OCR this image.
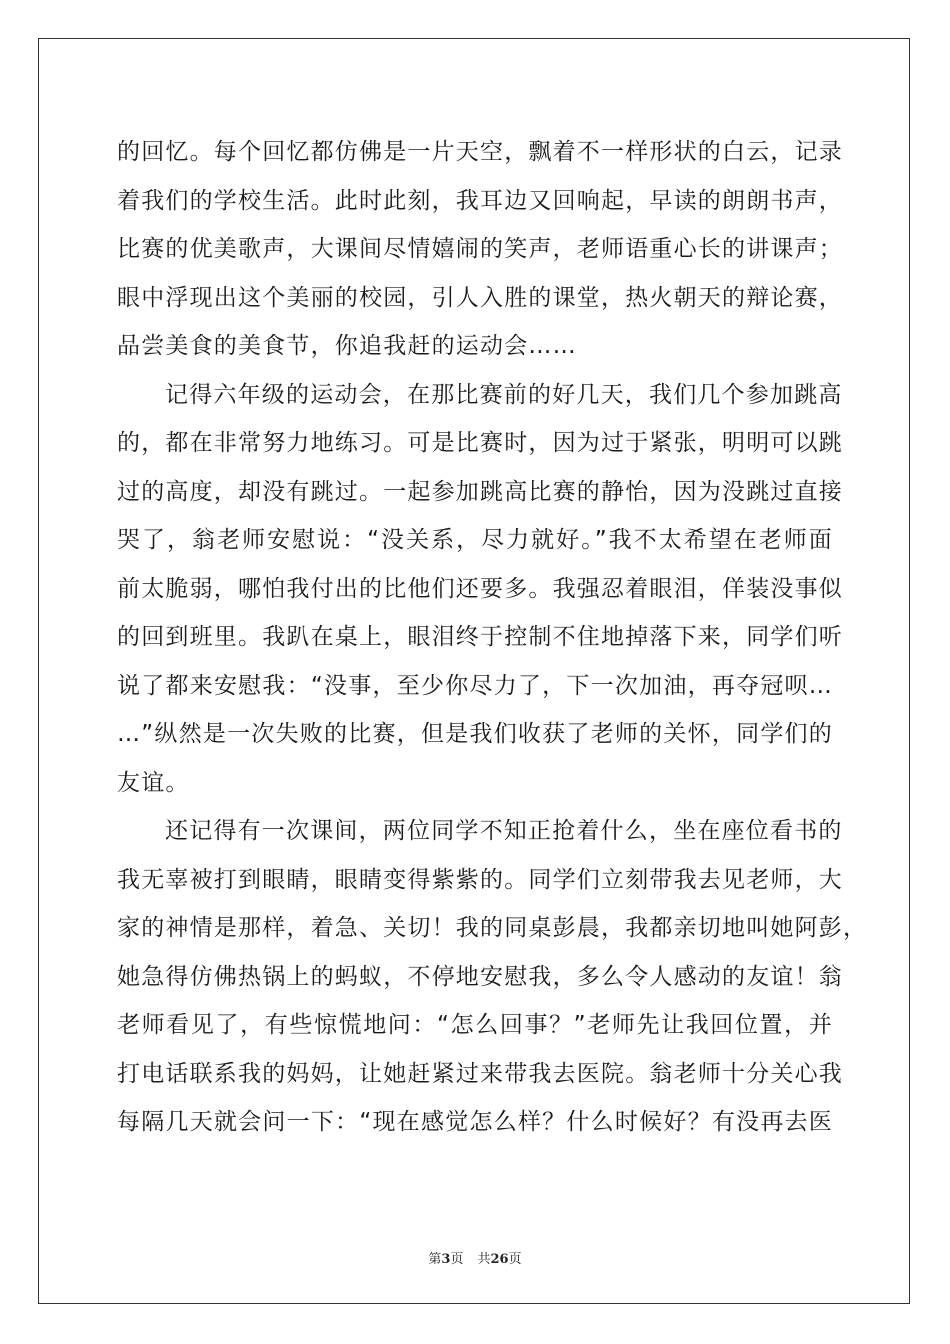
的回忆。每个回忆都仿佛是一片天空，飘着不一样形状的白云，记录
着我们的学校生活。此时此刻，我耳边又回响起，早读的朗朗书声，
比赛的优美歌声，大课间尽情嬉闹的笑声，老师语重心长的讲课声；
眼中浮现出这个美丽的校园，引人入胜的课堂，热火朝天的辩论赛，
品尝美食的美食节，你追我赶的运动会……
记得六年级的运动会，在那比赛前的好几天，我们几个参加跳高
的，都在非常努力地练习。可是比赛时，因为过于紧张，明明可以跳
过的高度，却没有跳过。一起参加跳高比赛的静怡，因为没跳过直接
哭了，翁老师安慰说：“没关系，尽力就好。”我不太希望在老师面
前太脆弱，哪怕我付出的比他们还要多。我强忍着眼泪，佯装没事似
的回到班里。我趴在桌上，眼泪终于控制不住地掉落下来，同学们听
说了都来安慰我：“没事，至少你尽力了，下一次加油，再夺冠呗…
…”纵然是一次失败的比赛，但是我们收获了老师的关怀，同学们的
友谊。
还记得有一次课间，两位同学不知正抢着什么，坐在座位看书的
我无辜被打到眼睛，眼睛变得紫紫的。同学们立刻带我去见老师，大
家的神情是那样，着急、关切！我的同桌彭晨，我都亲切地叫她阿彭，
她急得仿佛热锅上的蚂蚁，不停地安慰我，多么令人感动的友谊！翁
老师看见了，有些惊慌地问：“怎么回事？”老师先让我回位置，并
打电话联系我的妈妈，让她赶紧过来带我去医院。翁老师十分关心我
每隔几天就会问一下：“现在感觉怎么样？什么时候好？有没再去医
第3页 共26页
